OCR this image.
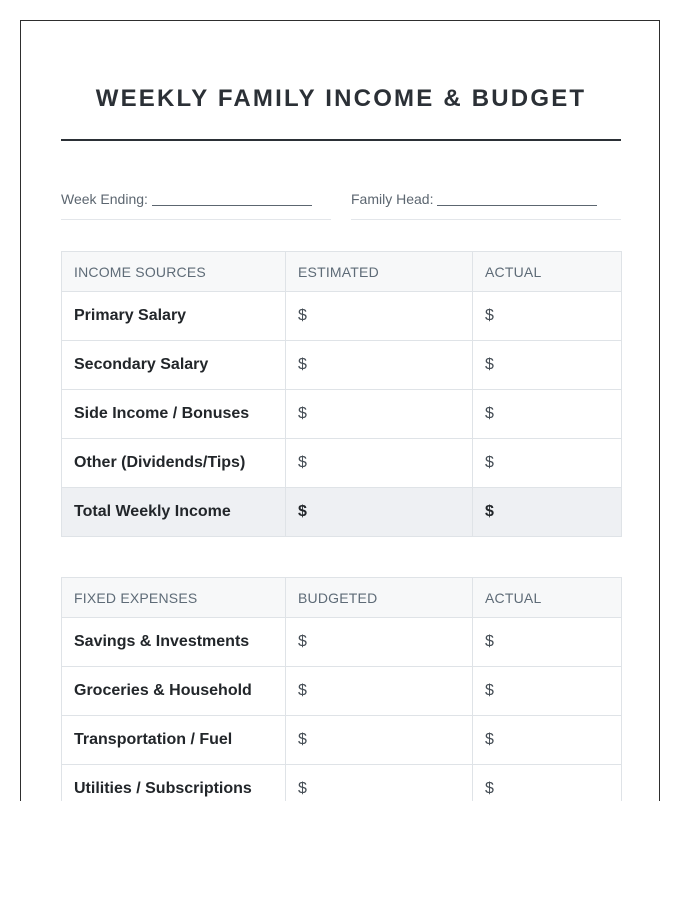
WEEKLY FAMILY INCOME & BUDGET
Week Ending:	Family Head:
INCOME SOURCES	ESTIMATED	ACTUAL
Primary Salary	$	$
Secondary Salary	$	$
Side Income / Bonuses	$	$
Other (Dividends/Tips)	$	$
Total Weekly Income	$	$
FIXED EXPENSES	BUDGETED	ACTUAL
Savings & Investments	$	$
Groceries & Household	$	$
Transportation / Fuel	$	$
Utilities / Subscriptions	$	$
